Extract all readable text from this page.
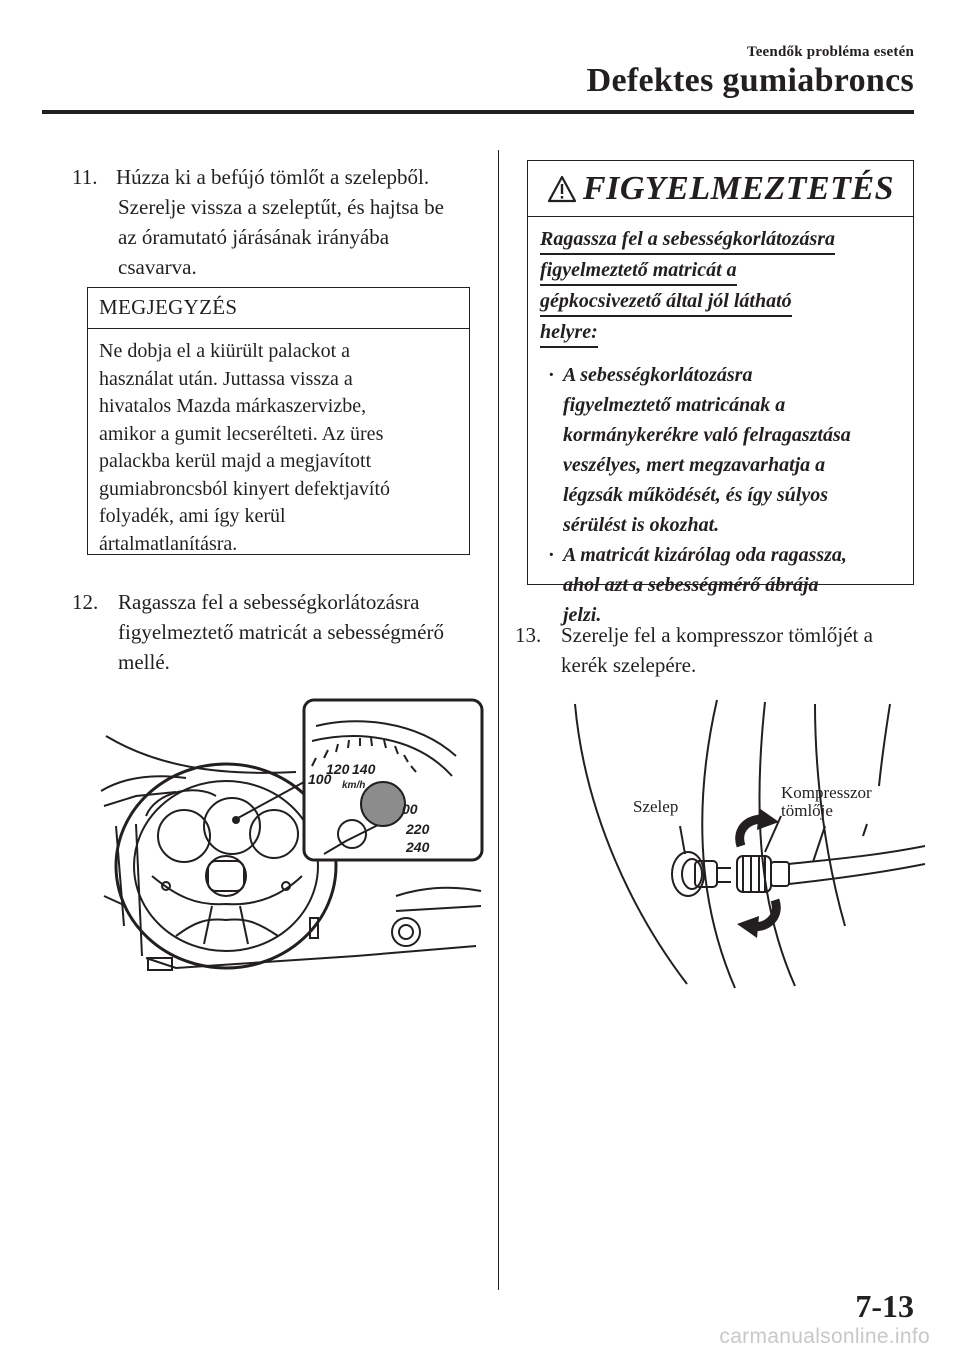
Teendők probléma esetén
Defektes gumiabroncs
11. Húzza ki a befújó tömlőt a szelepből.
Szerelje vissza a szeleptűt, és hajtsa be
az óramutató járásának irányába
csavarva.
MEGJEGYZÉS
Ne dobja el a kiürült palackot a
használat után. Juttassa vissza a
hivatalos Mazda márkaszervizbe,
amikor a gumit lecserélteti. Az üres
palackba kerül majd a megjavított
gumiabroncsból kinyert defektjavító
folyadék, ami így kerül
ártalmatlanításra.
12. Ragassza fel a sebességkorlátozásra
figyelmeztető matricát a sebességmérő
mellé.
100
120 140
km/h
00
220
240
FIGYELMEZTETÉS
Ragassza fel a sebességkorlátozásra
figyelmeztető matricát a
gépkocsivezető által jól látható
helyre:
· A sebességkorlátozásra
figyelmeztető matricának a
kormánykerékre való felragasztása
veszélyes, mert megzavarhatja a
légzsák működését, és így súlyos
sérülést is okozhat.
· A matricát kizárólag oda ragassza,
ahol azt a sebességmérő ábrája
jelzi.
13. Szerelje fel a kompresszor tömlőjét a
kerék szelepére.
Szelep
Kompresszor
tömlője
7-13
carmanualsonline.info
